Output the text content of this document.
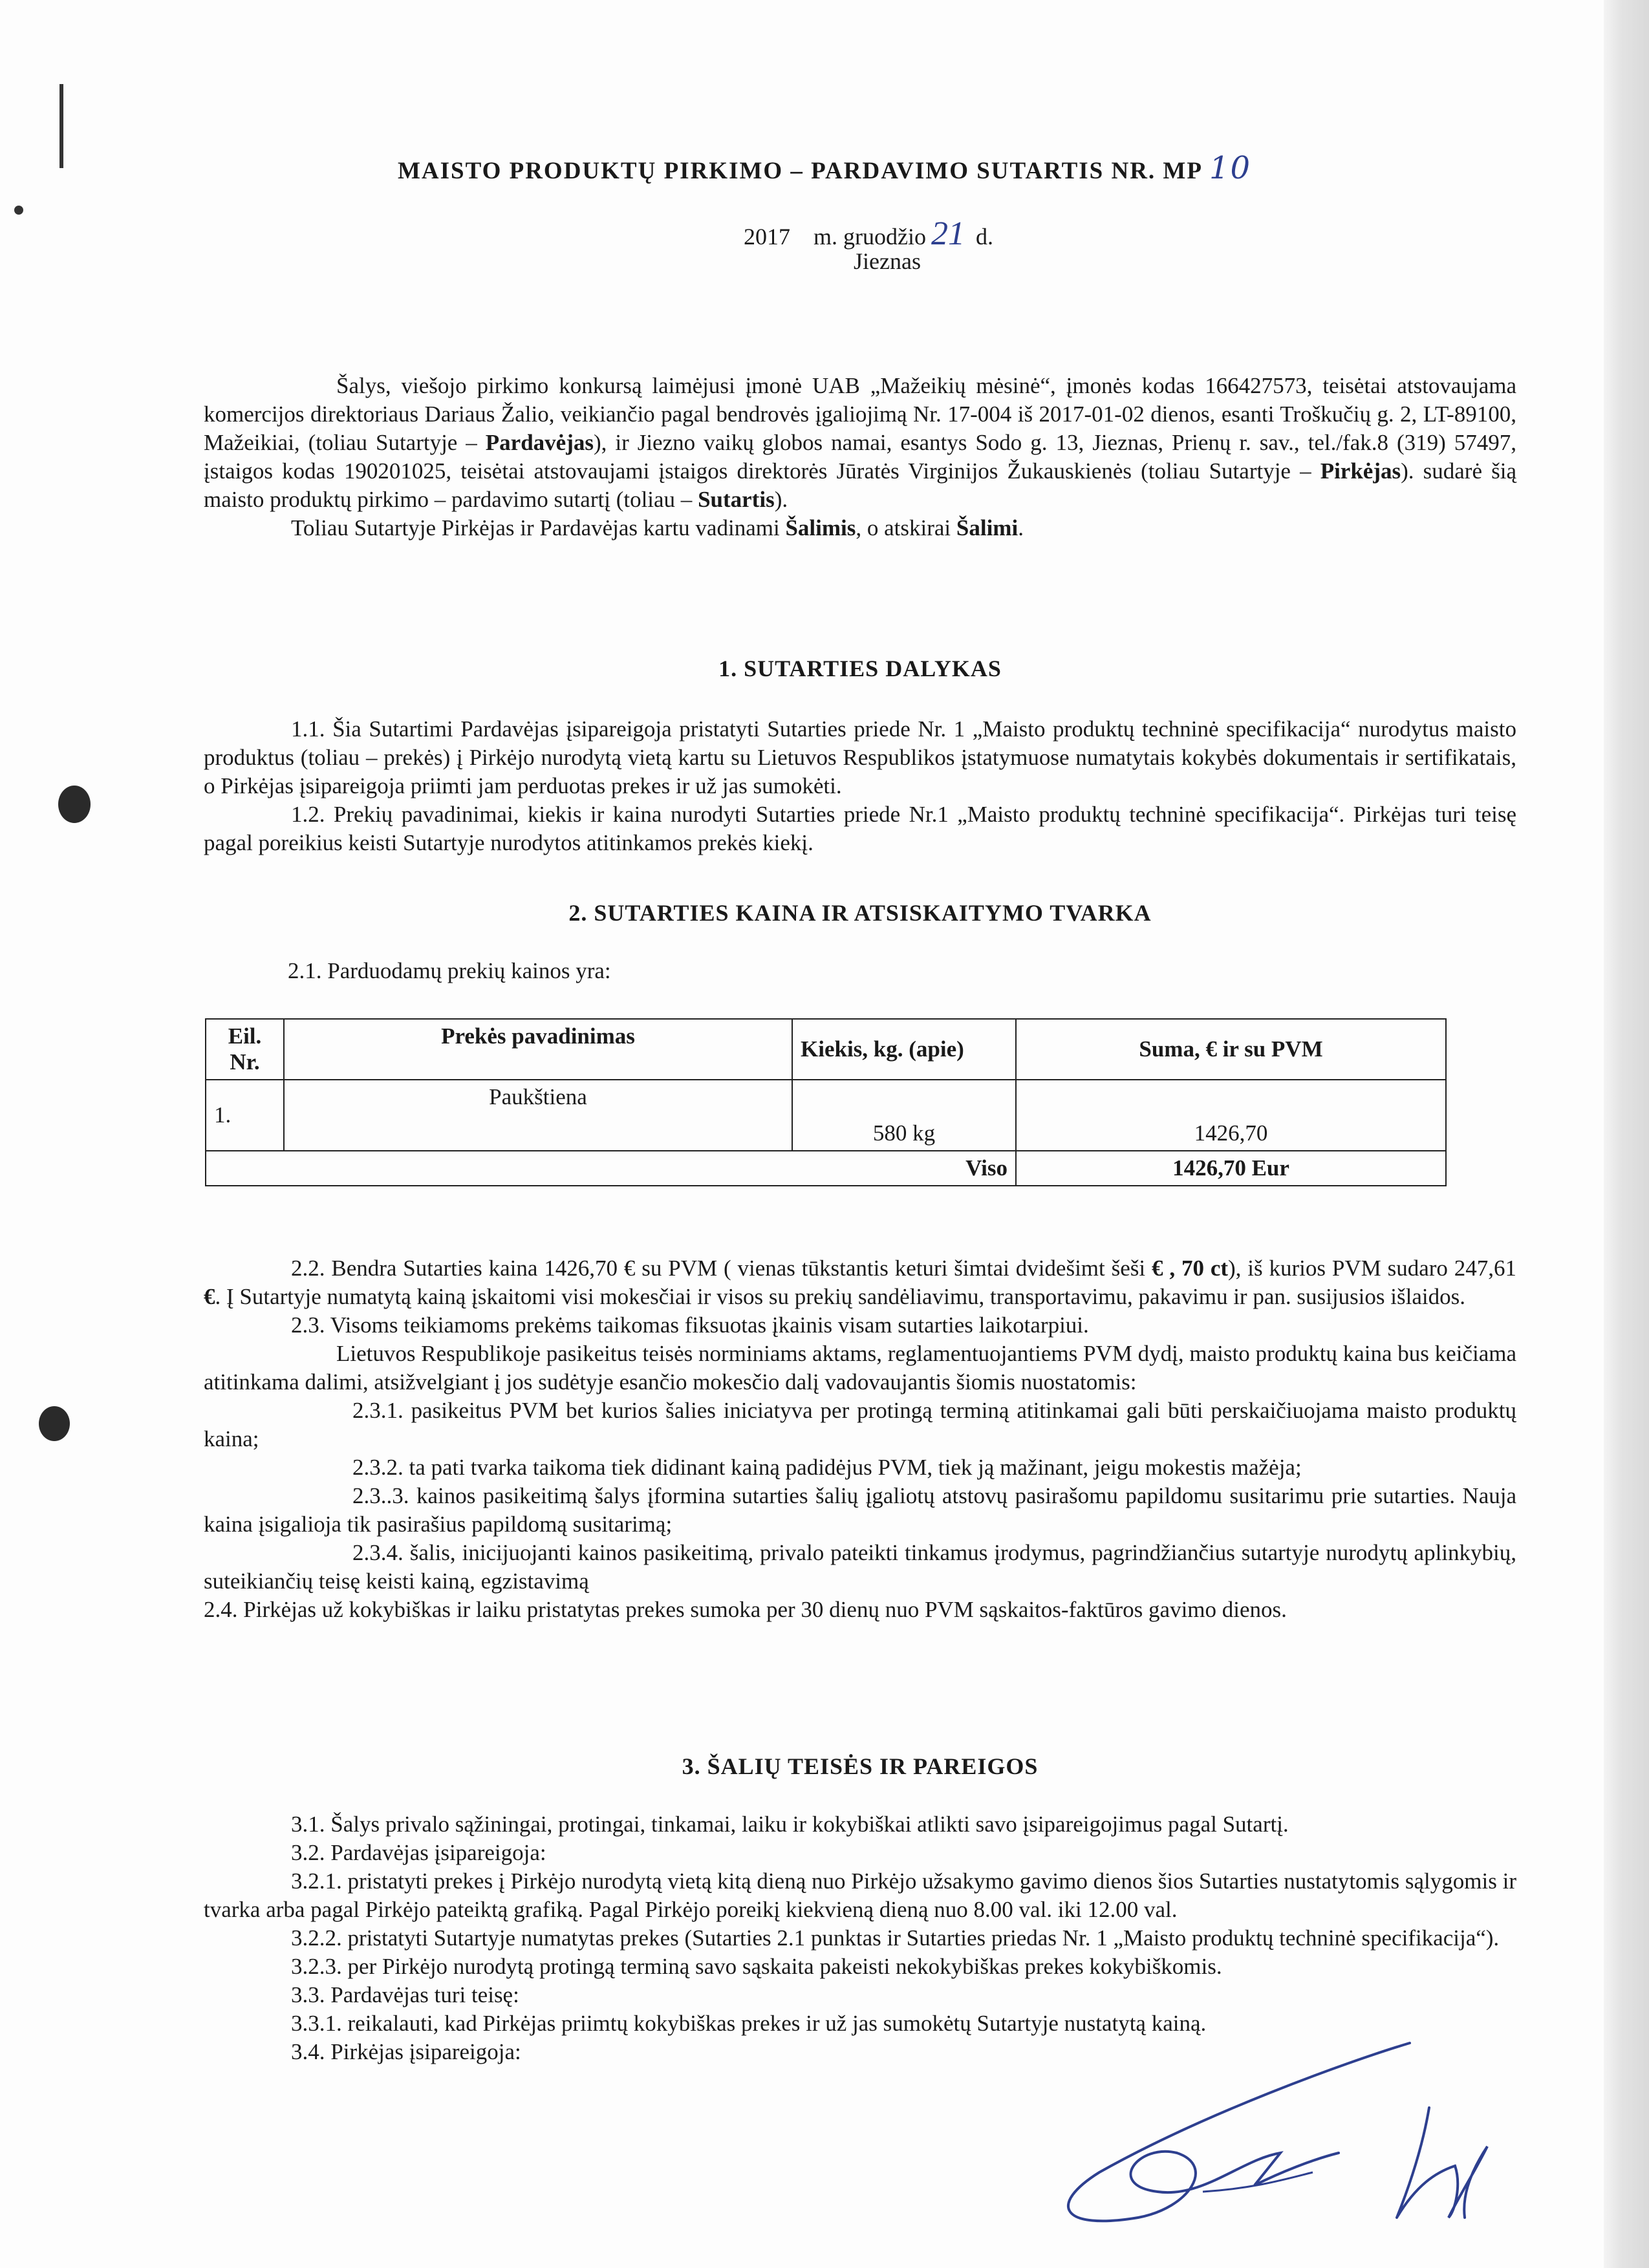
MAISTO PRODUKTŲ PIRKIMO – PARDAVIMO SUTARTIS NR. MP 10
2017 m. gruodžio 21 d.
Jieznas

Šalys, viešojo pirkimo konkursą laimėjusi įmonė UAB „Mažeikių mėsinė“, įmonės kodas 166427573, teisėtai atstovaujama komercijos direktoriaus Dariaus Žalio, veikiančio pagal bendrovės įgaliojimą Nr. 17-004 iš 2017-01-02 dienos, esanti Troškučių g. 2, LT-89100, Mažeikiai, (toliau Sutartyje – Pardavėjas), ir Jiezno vaikų globos namai, esantys Sodo g. 13, Jieznas, Prienų r. sav., tel./fak.8 (319) 57497, įstaigos kodas 190201025, teisėtai atstovaujami įstaigos direktorės Jūratės Virginijos Žukauskienės (toliau Sutartyje – Pirkėjas). sudarė šią maisto produktų pirkimo – pardavimo sutartį (toliau – Sutartis).

Toliau Sutartyje Pirkėjas ir Pardavėjas kartu vadinami Šalimis, o atskirai Šalimi.

1. SUTARTIES DALYKAS

1.1. Šia Sutartimi Pardavėjas įsipareigoja pristatyti Sutarties priede Nr. 1 „Maisto produktų techninė specifikacija“ nurodytus maisto produktus (toliau – prekės) į Pirkėjo nurodytą vietą kartu su Lietuvos Respublikos įstatymuose numatytais kokybės dokumentais ir sertifikatais, o Pirkėjas įsipareigoja priimti jam perduotas prekes ir už jas sumokėti.

1.2. Prekių pavadinimai, kiekis ir kaina nurodyti Sutarties priede Nr.1 „Maisto produktų techninė specifikacija“. Pirkėjas turi teisę pagal poreikius keisti Sutartyje nurodytos atitinkamos prekės kiekį.

2. SUTARTIES KAINA IR ATSISKAITYMO TVARKA

2.1. Parduodamų prekių kainos yra:

Eil. Nr.	Prekės pavadinimas	Kiekis, kg. (apie)	Suma, € ir su PVM
1.	Paukštiena	580 kg	1426,70
Viso			1426,70 Eur

2.2. Bendra Sutarties kaina 1426,70 € su PVM ( vienas tūkstantis keturi šimtai dvidešimt šeši € , 70 ct), iš kurios PVM sudaro 247,61 €. Į Sutartyje numatytą kainą įskaitomi visi mokesčiai ir visos su prekių sandėliavimu, transportavimu, pakavimu ir pan. susijusios išlaidos.

2.3. Visoms teikiamoms prekėms taikomas fiksuotas įkainis visam sutarties laikotarpiui.

Lietuvos Respublikoje pasikeitus teisės norminiams aktams, reglamentuojantiems PVM dydį, maisto produktų kaina bus keičiama atitinkama dalimi, atsižvelgiant į jos sudėtyje esančio mokesčio dalį vadovaujantis šiomis nuostatomis:

2.3.1. pasikeitus PVM bet kurios šalies iniciatyva per protingą terminą atitinkamai gali būti perskaičiuojama maisto produktų kaina;

2.3.2. ta pati tvarka taikoma tiek didinant kainą padidėjus PVM, tiek ją mažinant, jeigu mokestis mažėja;

2.3..3. kainos pasikeitimą šalys įformina sutarties šalių įgaliotų atstovų pasirašomu papildomu susitarimu prie sutarties. Nauja kaina įsigalioja tik pasirašius papildomą susitarimą;

2.3.4. šalis, inicijuojanti kainos pasikeitimą, privalo pateikti tinkamus įrodymus, pagrindžiančius sutartyje nurodytų aplinkybių, suteikiančių teisę keisti kainą, egzistavimą

2.4. Pirkėjas už kokybiškas ir laiku pristatytas prekes sumoka per 30 dienų nuo PVM sąskaitos-faktūros gavimo dienos.

3. ŠALIŲ TEISĖS IR PAREIGOS

3.1. Šalys privalo sąžiningai, protingai, tinkamai, laiku ir kokybiškai atlikti savo įsipareigojimus pagal Sutartį.

3.2. Pardavėjas įsipareigoja:

3.2.1. pristatyti prekes į Pirkėjo nurodytą vietą kitą dieną nuo Pirkėjo užsakymo gavimo dienos šios Sutarties nustatytomis sąlygomis ir tvarka arba pagal Pirkėjo pateiktą grafiką. Pagal Pirkėjo poreikį kiekvieną dieną nuo 8.00 val. iki 12.00 val.

3.2.2. pristatyti Sutartyje numatytas prekes (Sutarties 2.1 punktas ir Sutarties priedas Nr. 1 „Maisto produktų techninė specifikacija“).

3.2.3. per Pirkėjo nurodytą protingą terminą savo sąskaita pakeisti nekokybiškas prekes kokybiškomis.

3.3. Pardavėjas turi teisę:

3.3.1. reikalauti, kad Pirkėjas priimtų kokybiškas prekes ir už jas sumokėtų Sutartyje nustatytą kainą.

3.4. Pirkėjas įsipareigoja:
